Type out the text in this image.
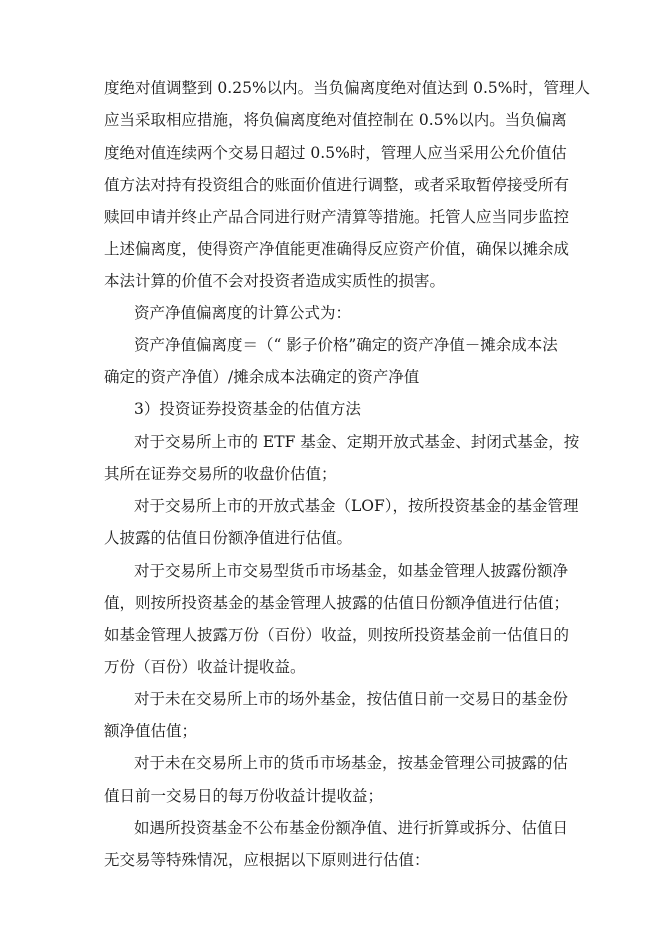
度绝对值调整到 0.25%以内。当负偏离度绝对值达到 0.5%时，管理人
应当采取相应措施，将负偏离度绝对值控制在 0.5%以内。当负偏离
度绝对值连续两个交易日超过 0.5%时，管理人应当采用公允价值估
值方法对持有投资组合的账面价值进行调整，或者采取暂停接受所有
赎回申请并终止产品合同进行财产清算等措施。托管人应当同步监控
上述偏离度，使得资产净值能更准确得反应资产价值，确保以摊余成
本法计算的价值不会对投资者造成实质性的损害。
资产净值偏离度的计算公式为：
资产净值偏离度＝（“ 影子价格”确定的资产净值－摊余成本法
确定的资产净值）/摊余成本法确定的资产净值
3）投资证券投资基金的估值方法
对于交易所上市的 ETF 基金、定期开放式基金、封闭式基金，按
其所在证券交易所的收盘价估值；
对于交易所上市的开放式基金（LOF），按所投资基金的基金管理
人披露的估值日份额净值进行估值。
对于交易所上市交易型货币市场基金，如基金管理人披露份额净
值，则按所投资基金的基金管理人披露的估值日份额净值进行估值；
如基金管理人披露万份（百份）收益，则按所投资基金前一估值日的
万份（百份）收益计提收益。
对于未在交易所上市的场外基金，按估值日前一交易日的基金份
额净值估值；
对于未在交易所上市的货币市场基金，按基金管理公司披露的估
值日前一交易日的每万份收益计提收益；
如遇所投资基金不公布基金份额净值、进行折算或拆分、估值日
无交易等特殊情况，应根据以下原则进行估值：
